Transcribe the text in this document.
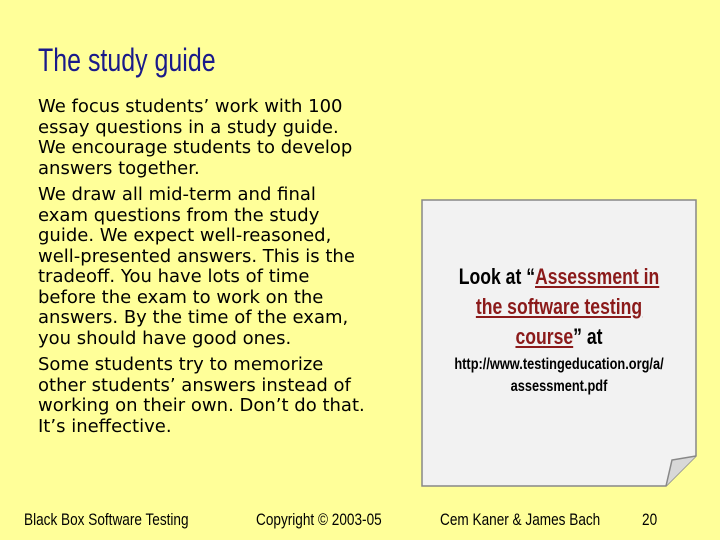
The study guide

We focus students’ work with 100 essay questions in a study guide. We encourage students to develop answers together.

We draw all mid-term and final exam questions from the study guide. We expect well-reasoned, well-presented answers. This is the tradeoff. You have lots of time before the exam to work on the answers. By the time of the exam, you should have good ones.

Some students try to memorize other students’ answers instead of working on their own. Don’t do that. It’s ineffective.

Look at “Assessment in
the software testing
course” at
http://www.testingeducation.org/a/
assessment.pdf
Black Box Software Testing	Copyright © 2003-05	Cem Kaner & James Bach 20
